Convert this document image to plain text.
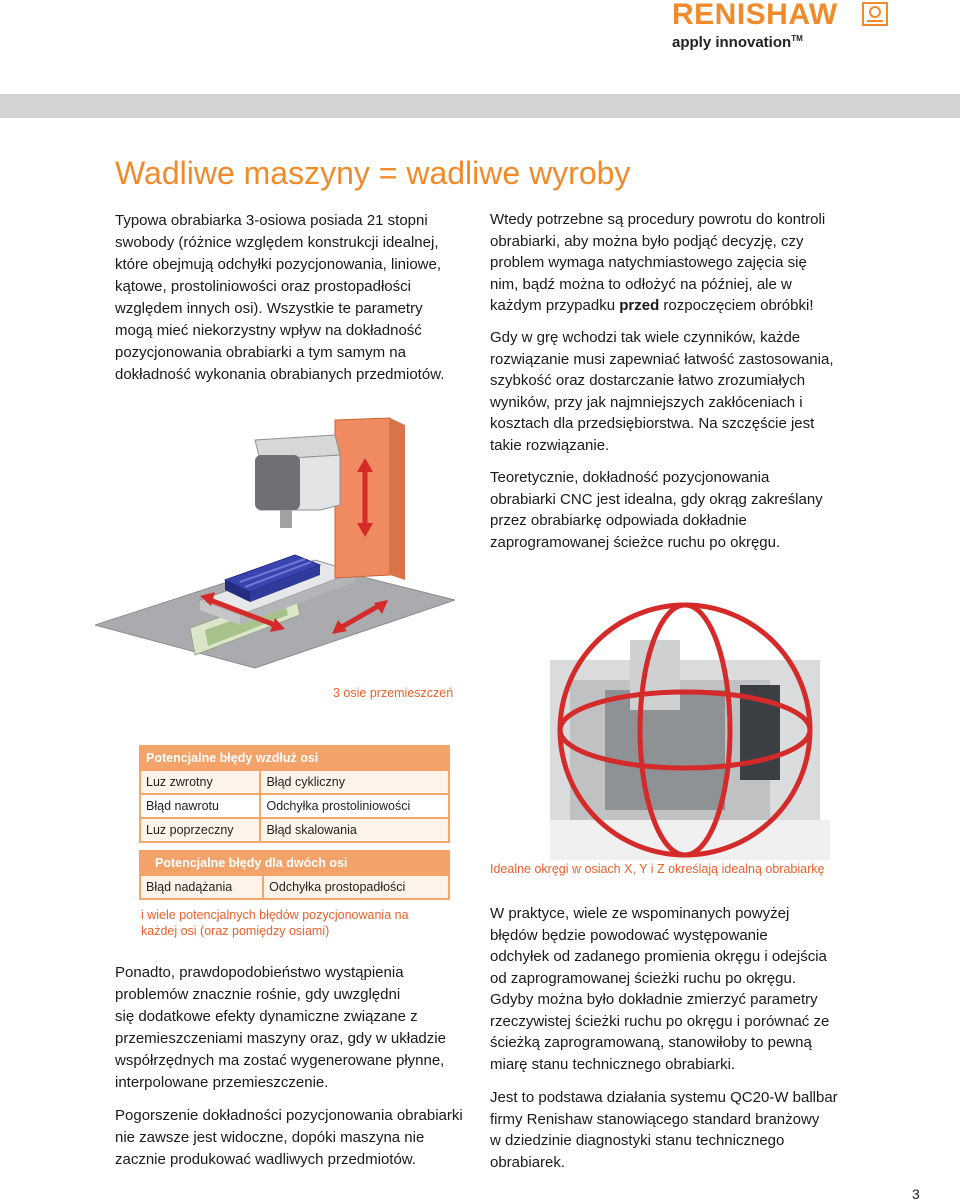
RENISHAW
apply innovation™
Wadliwe maszyny = wadliwe wyroby
Typowa obrabiarka 3-osiowa posiada 21 stopni
swobody (różnice względem konstrukcji idealnej,
które obejmują odchyłki pozycjonowania, liniowe,
kątowe, prostoliniowości oraz prostopadłości
względem innych osi). Wszystkie te parametry
mogą mieć niekorzystny wpływ na dokładność
pozycjonowania obrabiarki a tym samym na
dokładność wykonania obrabianych przedmiotów.
Wtedy potrzebne są procedury powrotu do kontroli
obrabiarki, aby można było podjąć decyzję, czy
problem wymaga natychmiastowego zajęcia się
nim, bądź można to odłożyć na później, ale w
każdym przypadku przed rozpoczęciem obróbki!
Gdy w grę wchodzi tak wiele czynników, każde
rozwiązanie musi zapewniać łatwość zastosowania,
szybkość oraz dostarczanie łatwo zrozumiałych
wyników, przy jak najmniejszych zakłóceniach i
kosztach dla przedsiębiorstwa. Na szczęście jest
takie rozwiązanie.
Teoretycznie, dokładność pozycjonowania
obrabiarki CNC jest idealna, gdy okrąg zakreślany
przez obrabiarkę odpowiada dokładnie
zaprogramowanej ścieżce ruchu po okręgu.
3 osie przemieszczeń
Idealne okręgi w osiach X, Y i Z określają idealną obrabiarkę
Potencjalne błędy wzdłuż osi	
Luz zwrotny	Błąd cykliczny
Błąd nawrotu	Odchyłka prostoliniowości
Luz poprzeczny	Błąd skalowania
Potencjalne błędy dla dwóch osi
Błąd nadążania	Odchyłka prostopadłości
i wiele potencjalnych błędów pozycjonowania na
każdej osi (oraz pomiędzy osiami)
Ponadto, prawdopodobieństwo wystąpienia
problemów znacznie rośnie, gdy uwzględni
się dodatkowe efekty dynamiczne związane z
przemieszczeniami maszyny oraz, gdy w układzie
współrzędnych ma zostać wygenerowane płynne,
interpolowane przemieszczenie.
Pogorszenie dokładności pozycjonowania obrabiarki
nie zawsze jest widoczne, dopóki maszyna nie
zacznie produkować wadliwych przedmiotów.
W praktyce, wiele ze wspominanych powyżej
błędów będzie powodować występowanie
odchyłek od zadanego promienia okręgu i odejścia
od zaprogramowanej ścieżki ruchu po okręgu.
Gdyby można było dokładnie zmierzyć parametry
rzeczywistej ścieżki ruchu po okręgu i porównać ze
ścieżką zaprogramowaną, stanowiłoby to pewną
miarę stanu technicznego obrabiarki.
Jest to podstawa działania systemu QC20-W ballbar
firmy Renishaw stanowiącego standard branżowy
w dziedzinie diagnostyki stanu technicznego
obrabiarek.
3
